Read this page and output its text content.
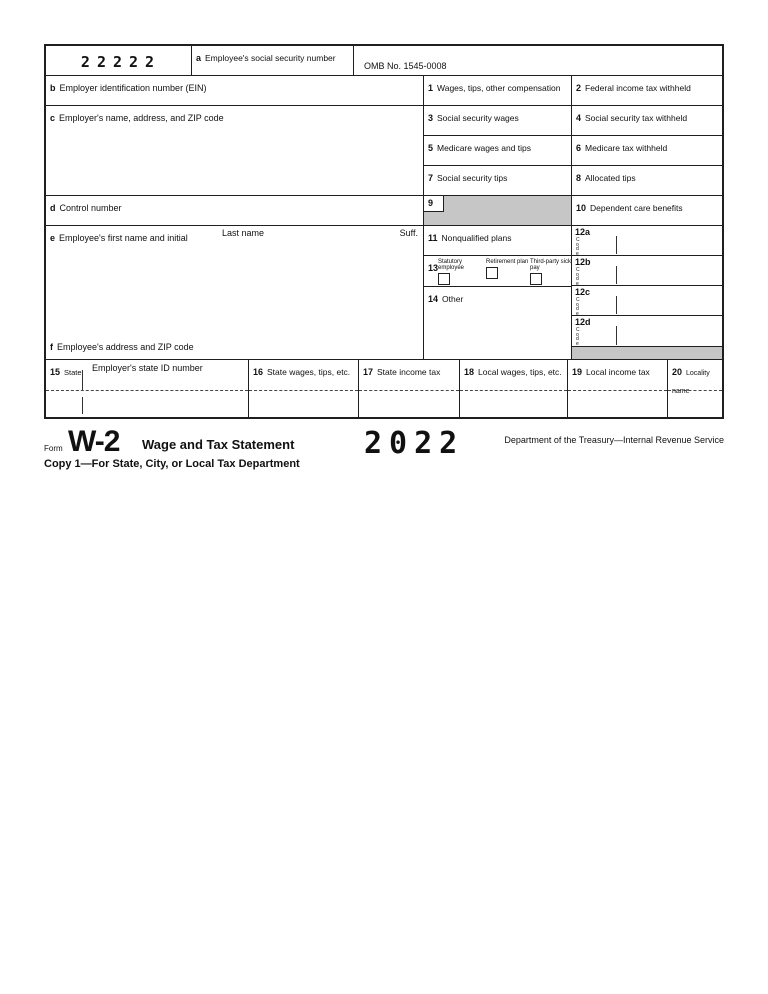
22222	a Employee's social security number
OMB No. 1545-0008
b Employer identification number (EIN)	1 Wages, tips, other compensation	2 Federal income tax withheld
c Employer's name, address, and ZIP code	3 Social security wages	4 Social security tax withheld
5 Medicare wages and tips	6 Medicare tax withheld
7 Social security tips	8 Allocated tips
d Control number	9	10 Dependent care benefits
e Employee's first name and initial	Last name	Suff.
f Employee's address and ZIP code
11 Nonqualified plans
13
Statutory employee
Retirement plan Third-party sick pay
14 Other
12a
Code
12b
Code
12c
Code
12d
Code
15 State Employer's state ID number	16 State wages, tips, etc.	17 State income tax	18 Local wages, tips, etc.	19 Local income tax	20 Locality name
Form W-2 Wage and Tax Statement 2022	Department of the Treasury—Internal Revenue Service
Copy 1—For State, City, or Local Tax Department
